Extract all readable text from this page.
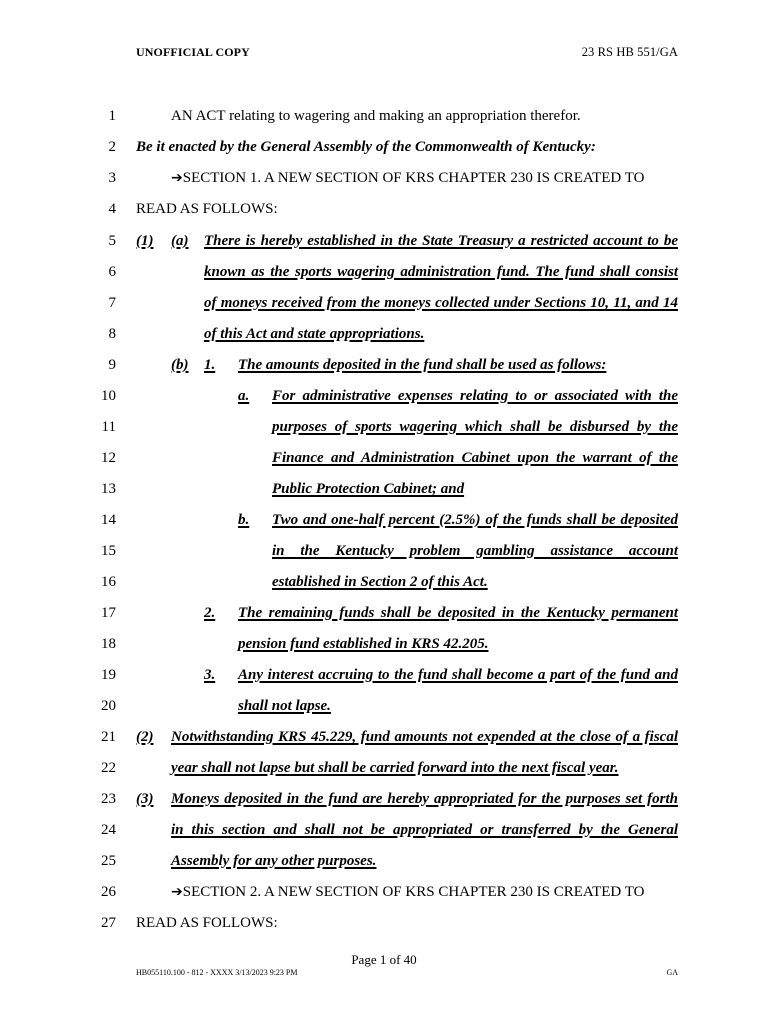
UNOFFICIAL COPY	23 RS HB 551/GA
1	AN ACT relating to wagering and making an appropriation therefor.
2 Be it enacted by the General Assembly of the Commonwealth of Kentucky:
3	➔SECTION 1. A NEW SECTION OF KRS CHAPTER 230 IS CREATED TO
4 READ AS FOLLOWS:
5 (1) (a) There is hereby established in the State Treasury a restricted account to be
6	known as the sports wagering administration fund. The fund shall consist
7	of moneys received from the moneys collected under Sections 10, 11, and 14
8	of this Act and state appropriations.
9	(b) 1. The amounts deposited in the fund shall be used as follows:
10	a. For administrative expenses relating to or associated with the
11	purposes of sports wagering which shall be disbursed by the
12	Finance and Administration Cabinet upon the warrant of the
13	Public Protection Cabinet; and
14	b. Two and one-half percent (2.5%) of the funds shall be deposited
15	in the Kentucky problem gambling assistance account
16	established in Section 2 of this Act.
17	2. The remaining funds shall be deposited in the Kentucky permanent
18	pension fund established in KRS 42.205.
19	3. Any interest accruing to the fund shall become a part of the fund and
20	shall not lapse.
21 (2) Notwithstanding KRS 45.229, fund amounts not expended at the close of a fiscal
22	year shall not lapse but shall be carried forward into the next fiscal year.
23 (3) Moneys deposited in the fund are hereby appropriated for the purposes set forth
24	in this section and shall not be appropriated or transferred by the General
25	Assembly for any other purposes.
26	➔SECTION 2. A NEW SECTION OF KRS CHAPTER 230 IS CREATED TO
27 READ AS FOLLOWS:
Page 1 of 40
HB055110.100 - 812 - XXXX 3/13/2023 9:23 PM	GA
